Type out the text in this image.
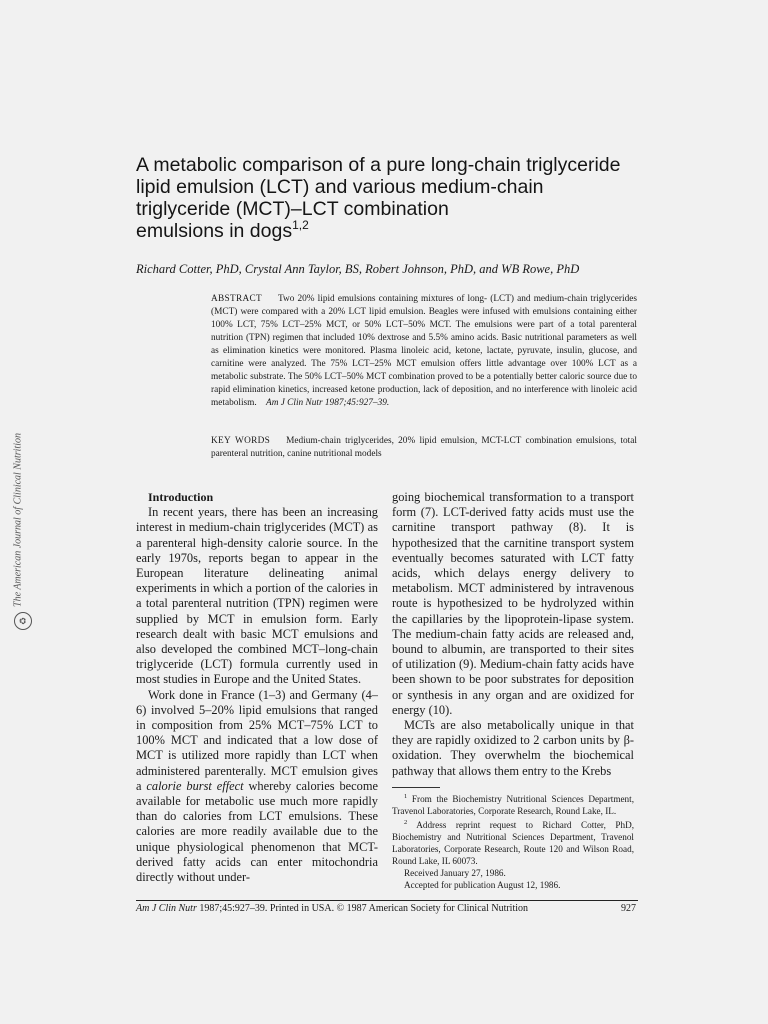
The American Journal of Clinical Nutrition
♻
A metabolic comparison of a pure long-chain triglyceride
lipid emulsion (LCT) and various medium-chain
triglyceride (MCT)–LCT combination
emulsions in dogs$^{1,2}$
Richard Cotter, PhD, Crystal Ann Taylor, BS, Robert Johnson, PhD, and WB Rowe, PhD

ABSTRACT Two 20% lipid emulsions containing mixtures of long- (LCT) and medium-chain triglycerides (MCT) were compared with a 20% LCT lipid emulsion. Beagles were infused with emulsions containing either 100% LCT, 75% LCT–25% MCT, or 50% LCT–50% MCT. The emulsions were part of a total parenteral nutrition (TPN) regimen that included 10% dextrose and 5.5% amino acids. Basic nutritional parameters as well as elimination kinetics were monitored. Plasma linoleic acid, ketone, lactate, pyruvate, insulin, glucose, and carnitine were analyzed. The 75% LCT–25% MCT emulsion offers little advantage over 100% LCT as a metabolic substrate. The 50% LCT–50% MCT combination proved to be a potentially better caloric source due to rapid elimination kinetics, increased ketone production, lack of deposition, and no interference with linoleic acid metabolism. Am J Clin Nutr 1987;45:927–39.

KEY WORDS Medium-chain triglycerides, 20% lipid emulsion, MCT-LCT combination emulsions, total parenteral nutrition, canine nutritional models

Introduction

In recent years, there has been an increasing interest in medium-chain triglycerides (MCT) as a parenteral high-density calorie source. In the early 1970s, reports began to appear in the European literature delineating animal experiments in which a portion of the calories in a total parenteral nutrition (TPN) regimen were supplied by MCT in emulsion form. Early research dealt with basic MCT emulsions and also developed the combined MCT–long-chain triglyceride (LCT) formula currently used in most studies in Europe and the United States.

Work done in France (1–3) and Germany (4–6) involved 5–20% lipid emulsions that ranged in composition from 25% MCT–75% LCT to 100% MCT and indicated that a low dose of MCT is utilized more rapidly than LCT when administered parenterally. MCT emulsion gives a calorie burst effect whereby calories become available for metabolic use much more rapidly than do calories from LCT emulsions. These calories are more readily available due to the unique physiological phenomenon that MCT-derived fatty acids can enter mitochondria directly without under-

going biochemical transformation to a transport form (7). LCT-derived fatty acids must use the carnitine transport pathway (8). It is hypothesized that the carnitine transport system eventually becomes saturated with LCT fatty acids, which delays energy delivery to metabolism. MCT administered by intravenous route is hypothesized to be hydrolyzed within the capillaries by the lipoprotein-lipase system. The medium-chain fatty acids are released and, bound to albumin, are transported to their sites of utilization (9). Medium-chain fatty acids have been shown to be poor substrates for deposition or synthesis in any organ and are oxidized for energy (10).

MCTs are also metabolically unique in that they are rapidly oxidized to 2 carbon units by β-oxidation. They overwhelm the biochemical pathway that allows them entry to the Krebs

$^1$ From the Biochemistry Nutritional Sciences Department, Travenol Laboratories, Corporate Research, Round Lake, IL.

$^2$ Address reprint request to Richard Cotter, PhD, Biochemistry and Nutritional Sciences Department, Travenol Laboratories, Corporate Research, Route 120 and Wilson Road, Round Lake, IL 60073.

Received January 27, 1986.

Accepted for publication August 12, 1986.

Am J Clin Nutr 1987;45:927–39. Printed in USA. © 1987 American Society for Clinical Nutrition	927
